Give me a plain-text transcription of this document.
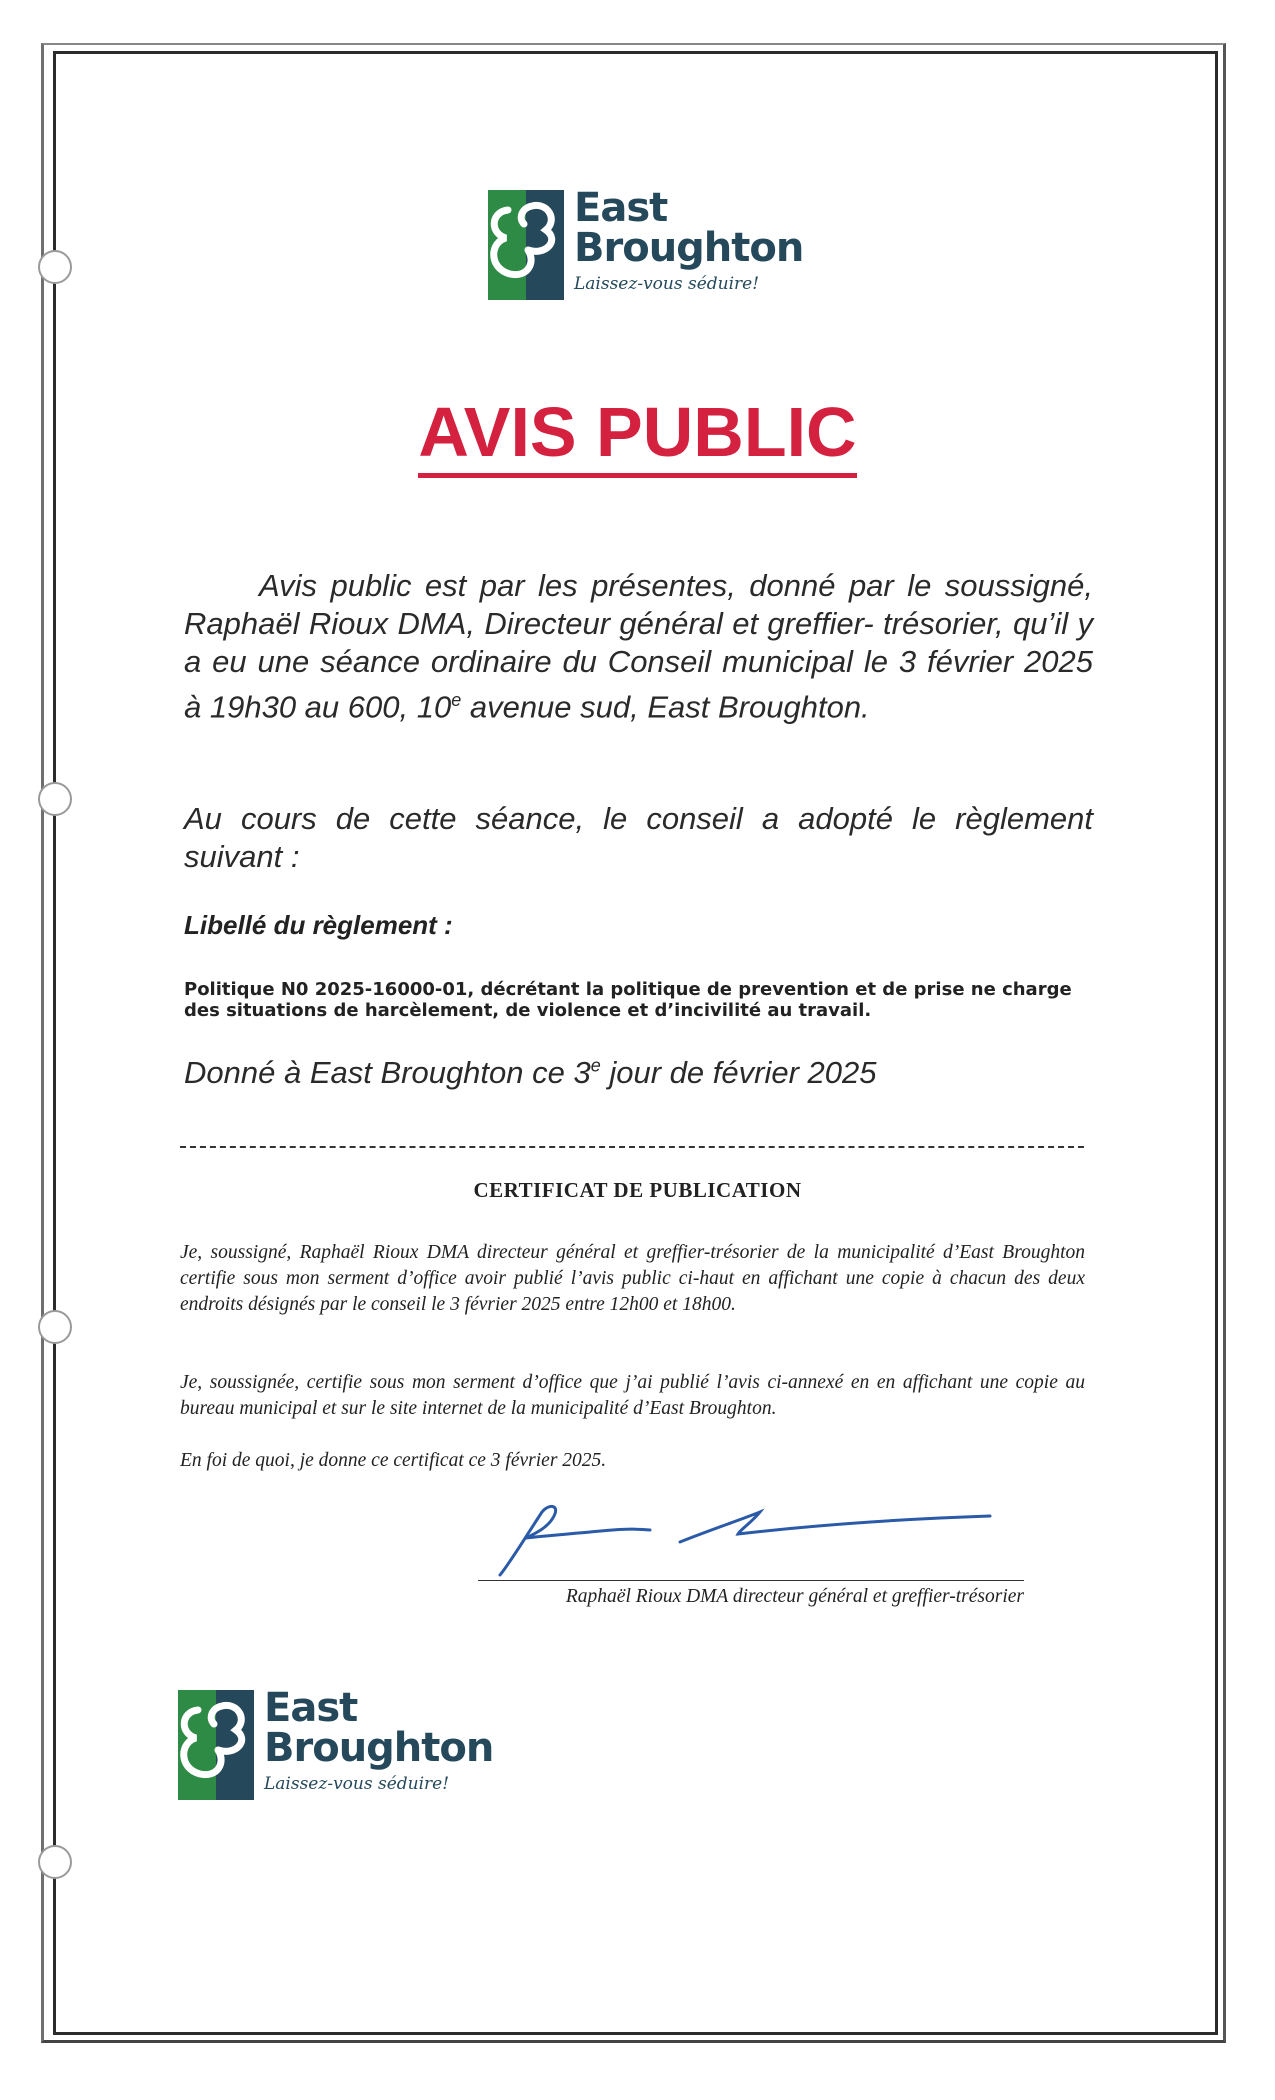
East
Broughton
Laissez-vous séduire!
AVIS PUBLIC
Avis public est par les présentes, donné par le soussigné, Raphaël Rioux DMA, Directeur général et greffier- trésorier, qu’il y a eu une séance ordinaire du Conseil municipal le 3 février 2025 à 19h30 au 600, 10e avenue sud, East Broughton.
Au cours de cette séance, le conseil a adopté le règlement suivant :
Libellé du règlement :
Politique N0 2025-16000-01, décrétant la politique de prevention et de prise ne charge des situations de harcèlement, de violence et d’incivilité au travail.
Donné à East Broughton ce 3e jour de février 2025
CERTIFICAT DE PUBLICATION
Je, soussigné, Raphaël Rioux DMA directeur général et greffier-trésorier de la municipalité d’East Broughton certifie sous mon serment d’office avoir publié l’avis public ci-haut en affichant une copie à chacun des deux endroits désignés par le conseil le 3 février 2025 entre 12h00 et 18h00.
Je, soussignée, certifie sous mon serment d’office que j’ai publié l’avis ci-annexé en en affichant une copie au bureau municipal et sur le site internet de la municipalité d’East Broughton.
En foi de quoi, je donne ce certificat ce 3 février 2025.
Raphaël Rioux DMA directeur général et greffier-trésorier
East
Broughton
Laissez-vous séduire!
